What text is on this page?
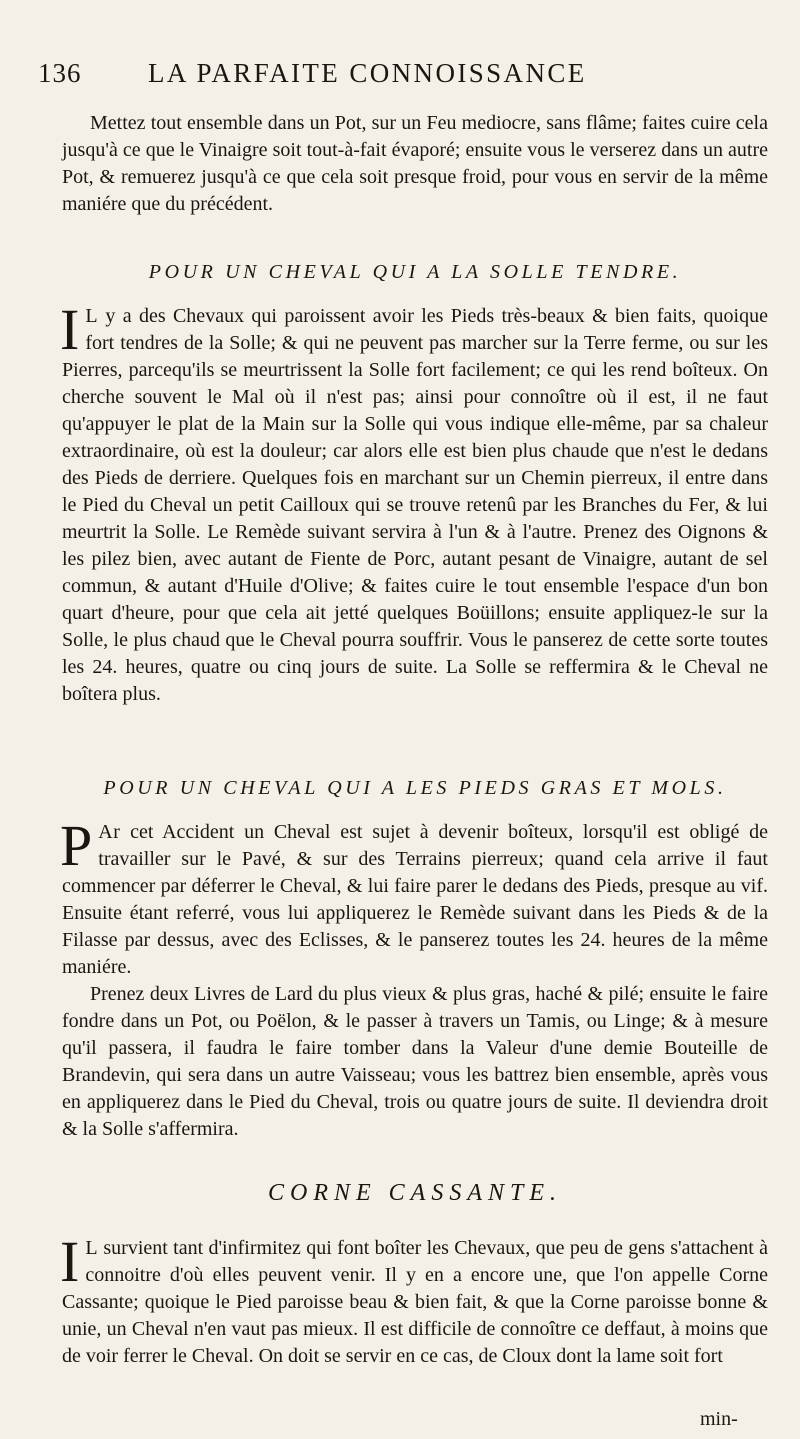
136 LA PARFAITE CONNOISSANCE

Mettez tout ensemble dans un Pot, sur un Feu mediocre, sans flâme; faites cuire cela jusqu'à ce que le Vinaigre soit tout-à-fait évaporé; ensuite vous le verserez dans un autre Pot, & remuerez jusqu'à ce que cela soit presque froid, pour vous en servir de la même maniére que du précédent.

POUR UN CHEVAL QUI A LA SOLLE TENDRE.

I L y a des Chevaux qui paroissent avoir les Pieds très-beaux & bien faits, quoique fort tendres de la Solle; & qui ne peuvent pas marcher sur la Terre ferme, ou sur les Pierres, parcequ'ils se meurtrissent la Solle fort facilement; ce qui les rend boîteux. On cherche souvent le Mal où il n'est pas; ainsi pour connoître où il est, il ne faut qu'appuyer le plat de la Main sur la Solle qui vous indique elle-même, par sa chaleur extraordinaire, où est la douleur; car alors elle est bien plus chaude que n'est le dedans des Pieds de derriere. Quelques fois en marchant sur un Chemin pierreux, il entre dans le Pied du Cheval un petit Cailloux qui se trouve retenû par les Branches du Fer, & lui meurtrit la Solle. Le Remède suivant servira à l'un & à l'autre. Prenez des Oignons & les pilez bien, avec autant de Fiente de Porc, autant pesant de Vinaigre, autant de sel commun, & autant d'Huile d'Olive; & faites cuire le tout ensemble l'espace d'un bon quart d'heure, pour que cela ait jetté quelques Boüillons; ensuite appliquez-le sur la Solle, le plus chaud que le Cheval pourra souffrir. Vous le panserez de cette sorte toutes les 24. heures, quatre ou cinq jours de suite. La Solle se reffermira & le Cheval ne boîtera plus.

POUR UN CHEVAL QUI A LES PIEDS GRAS ET MOLS.

P Ar cet Accident un Cheval est sujet à devenir boîteux, lorsqu'il est obligé de travailler sur le Pavé, & sur des Terrains pierreux; quand cela arrive il faut commencer par déferrer le Cheval, & lui faire parer le dedans des Pieds, presque au vif. Ensuite étant referré, vous lui appliquerez le Remède suivant dans les Pieds & de la Filasse par dessus, avec des Eclisses, & le panserez toutes les 24. heures de la même maniére.

Prenez deux Livres de Lard du plus vieux & plus gras, haché & pilé; ensuite le faire fondre dans un Pot, ou Poëlon, & le passer à travers un Tamis, ou Linge; & à mesure qu'il passera, il faudra le faire tomber dans la Valeur d'une demie Bouteille de Brandevin, qui sera dans un autre Vaisseau; vous les battrez bien ensemble, après vous en appliquerez dans le Pied du Cheval, trois ou quatre jours de suite. Il deviendra droit & la Solle s'affermira.

CORNE CASSANTE.

I L survient tant d'infirmitez qui font boîter les Chevaux, que peu de gens s'attachent à connoitre d'où elles peuvent venir. Il y en a encore une, que l'on appelle Corne Cassante; quoique le Pied paroisse beau & bien fait, & que la Corne paroisse bonne & unie, un Cheval n'en vaut pas mieux. Il est difficile de connoître ce deffaut, à moins que de voir ferrer le Cheval. On doit se servir en ce cas, de Cloux dont la lame soit fort

min-
